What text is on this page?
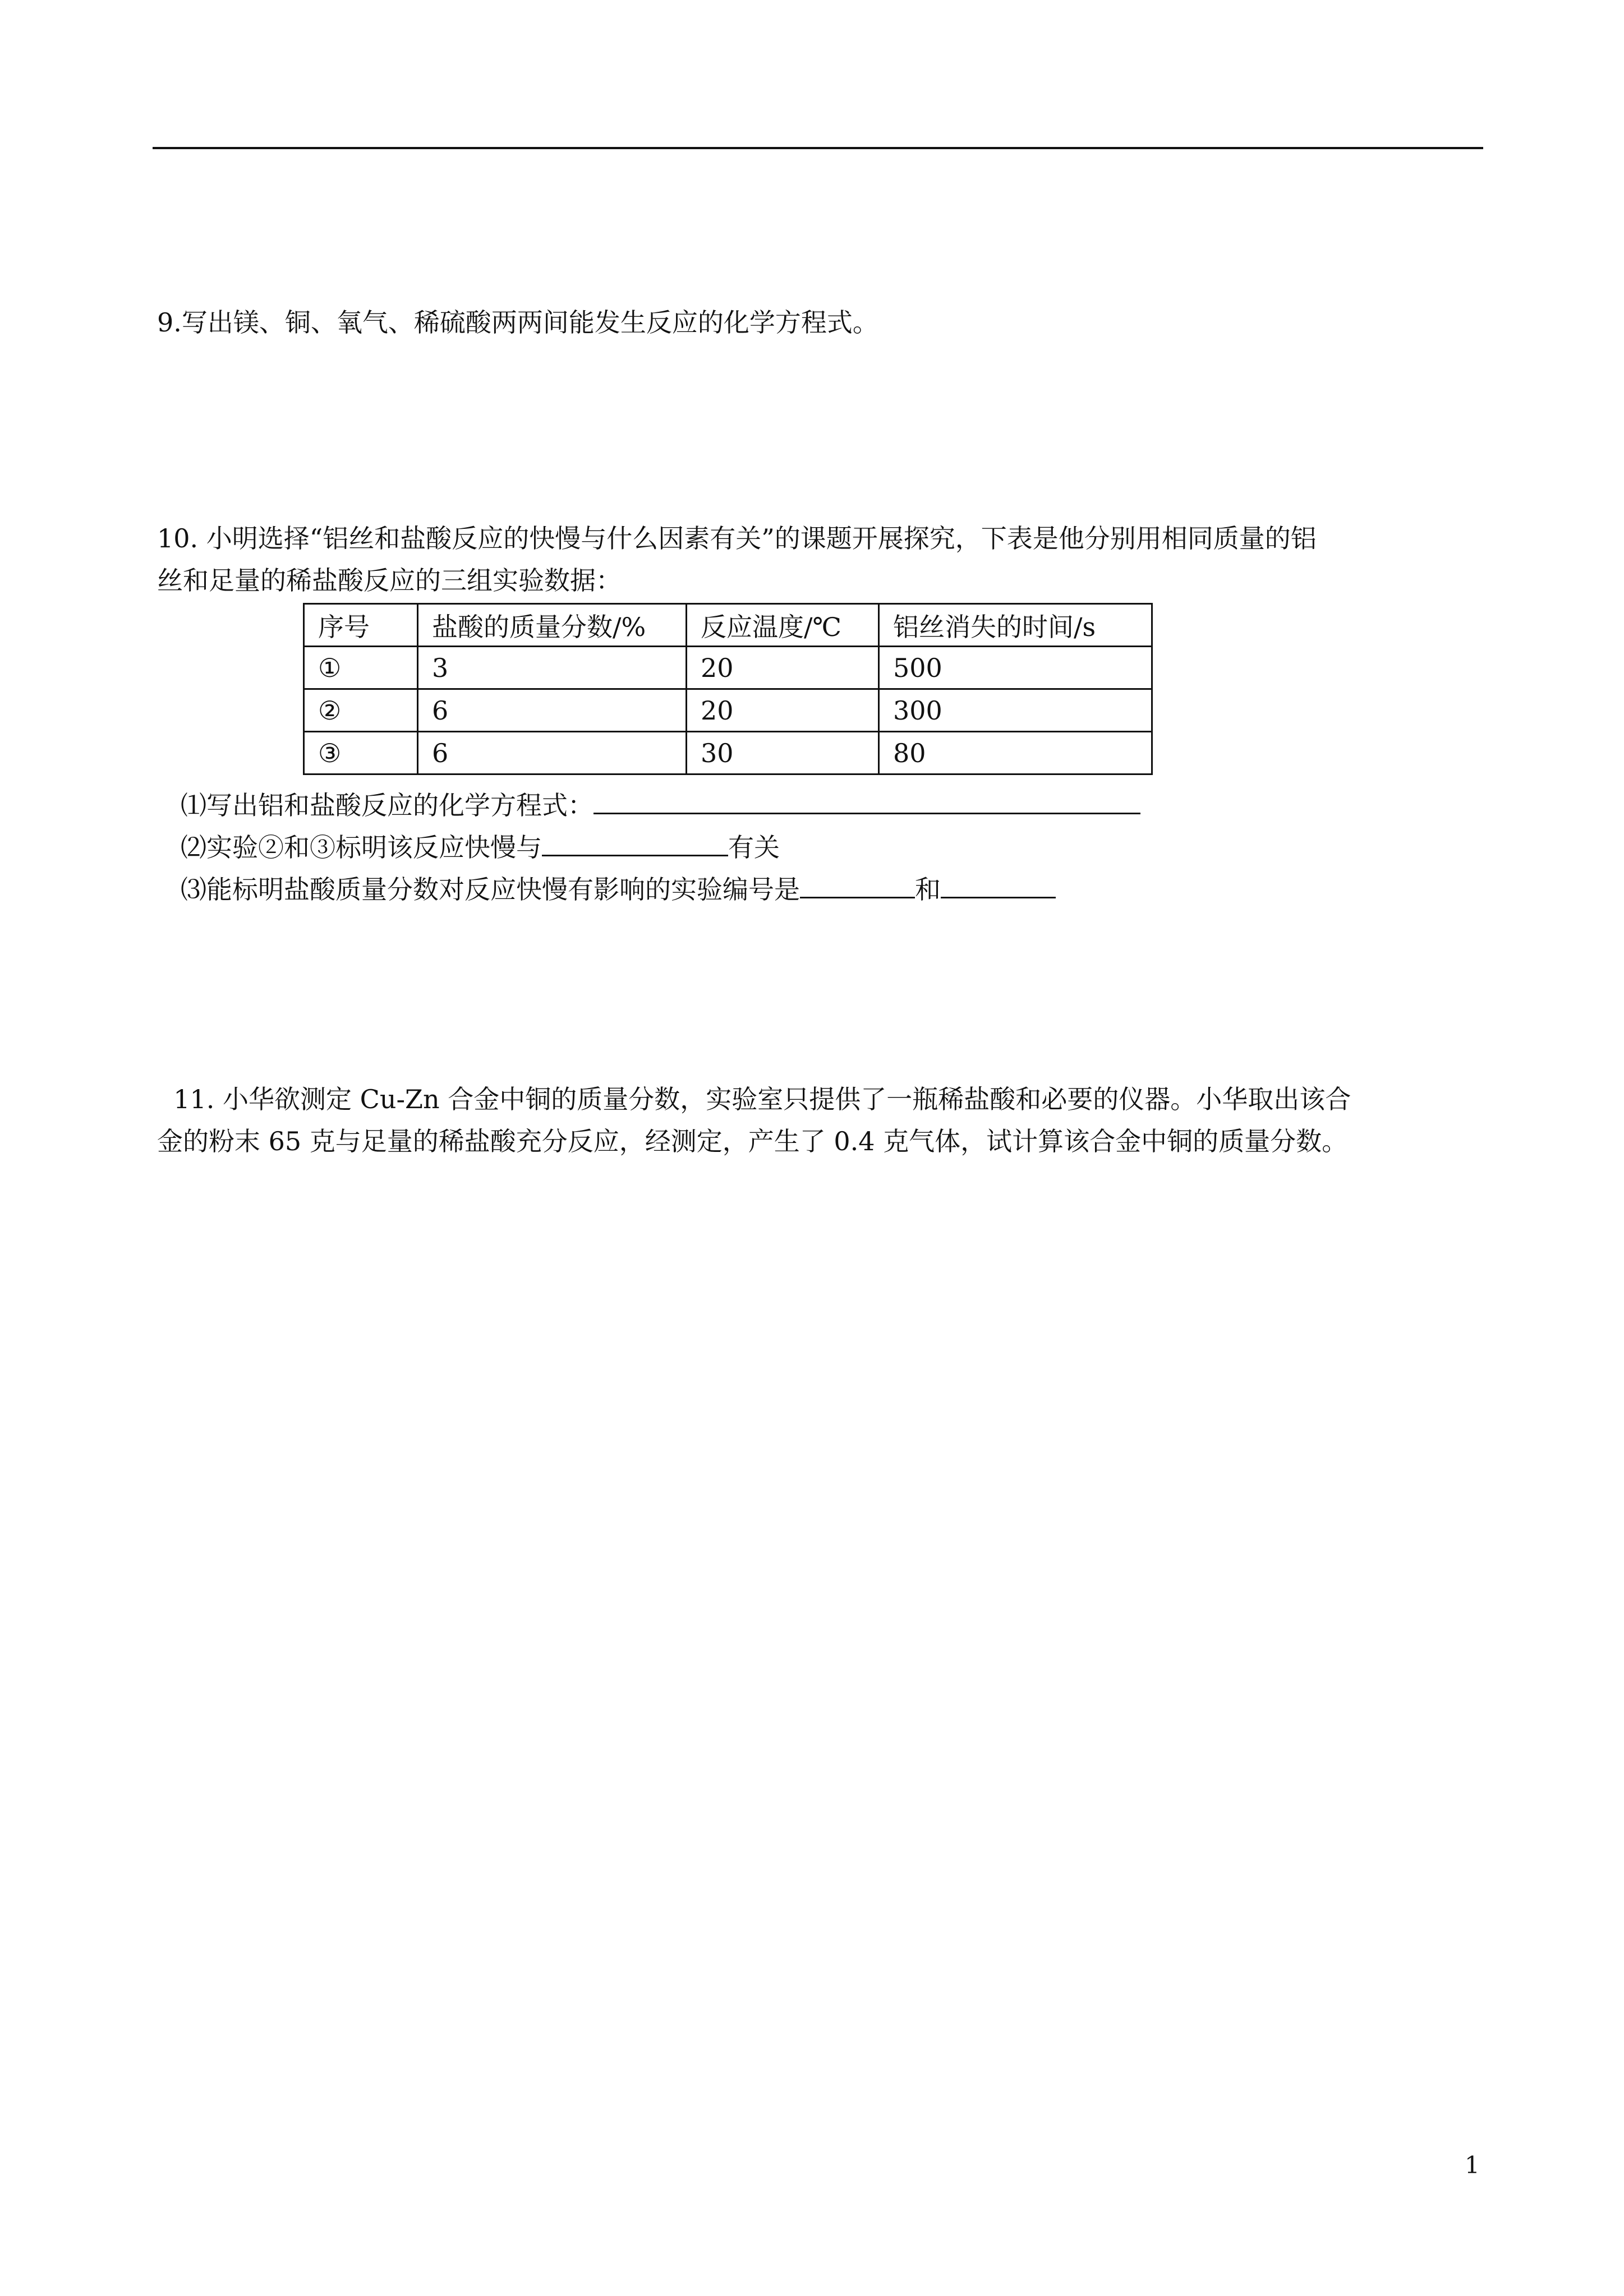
9.写出镁、铜、氧气、稀硫酸两两间能发生反应的化学方程式。
10. 小明选择“铝丝和盐酸反应的快慢与什么因素有关”的课题开展探究，下表是他分别用相同质量的铝
丝和足量的稀盐酸反应的三组实验数据：
序号	盐酸的质量分数/%	反应温度/℃	铝丝消失的时间/s
①	3	20	500
②	6	20	300
③	6	30	80
⑴写出铝和盐酸反应的化学方程式：
⑵实验②和③标明该反应快慢与	有关
⑶能标明盐酸质量分数对反应快慢有影响的实验编号是	和
11. 小华欲测定 Cu-Zn 合金中铜的质量分数，实验室只提供了一瓶稀盐酸和必要的仪器。小华取出该合
金的粉末 65 克与足量的稀盐酸充分反应，经测定，产生了 0.4 克气体，试计算该合金中铜的质量分数。
1
